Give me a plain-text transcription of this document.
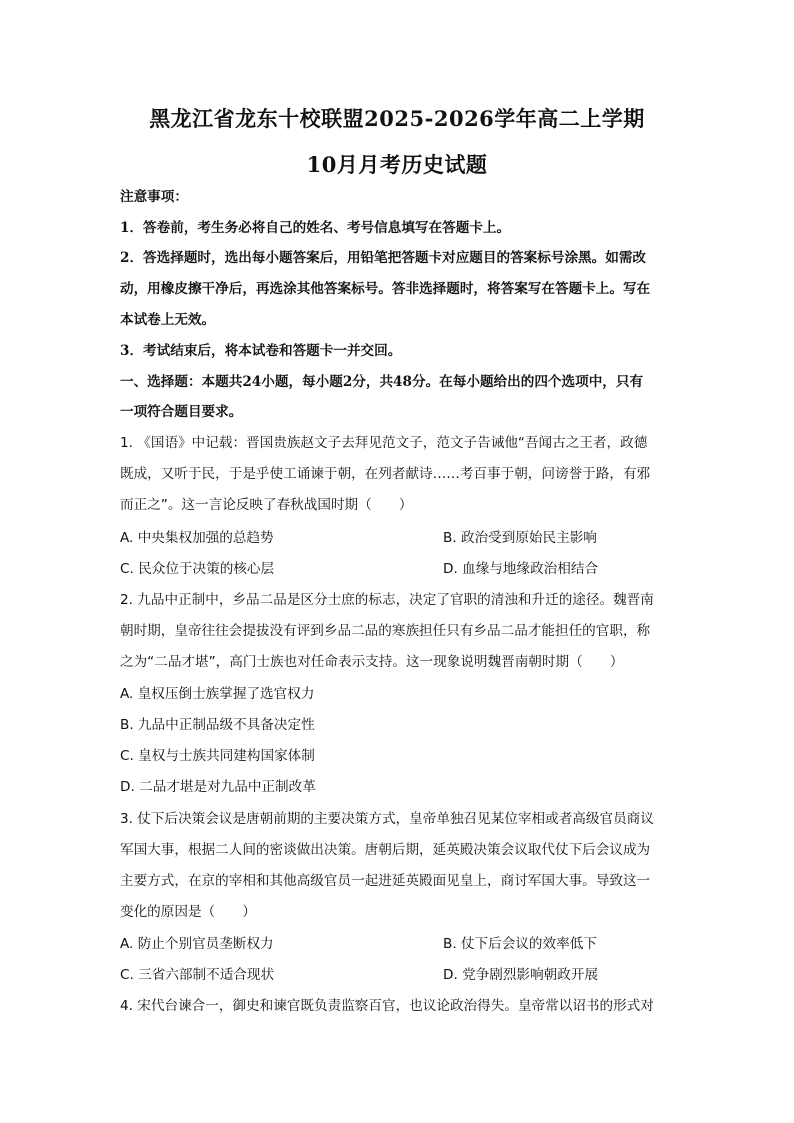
黑龙江省龙东十校联盟2025-2026学年高二上学期
10月月考历史试题
注意事项：
1．答卷前，考生务必将自己的姓名、考号信息填写在答题卡上。
2．答选择题时，选出每小题答案后，用铅笔把答题卡对应题目的答案标号涂黑。如需改
动，用橡皮擦干净后，再选涂其他答案标号。答非选择题时，将答案写在答题卡上。写在
本试卷上无效。
3．考试结束后，将本试卷和答题卡一并交回。
一、选择题：本题共24小题，每小题2分，共48分。在每小题给出的四个选项中，只有
一项符合题目要求。
1. 《国语》中记载：晋国贵族赵文子去拜见范文子，范文子告诫他“吾闻古之王者，政德
既成，又听于民，于是乎使工诵谏于朝，在列者献诗……考百事于朝，问谤誉于路，有邪
而正之”。这一言论反映了春秋战国时期（　　）
A. 中央集权加强的总趋势	B. 政治受到原始民主影响
C. 民众位于决策的核心层	D. 血缘与地缘政治相结合
2. 九品中正制中，乡品二品是区分士庶的标志，决定了官职的清浊和升迁的途径。魏晋南
朝时期，皇帝往往会提拔没有评到乡品二品的寒族担任只有乡品二品才能担任的官职，称
之为“二品才堪”，高门士族也对任命表示支持。这一现象说明魏晋南朝时期（　　）
A. 皇权压倒士族掌握了选官权力
B. 九品中正制品级不具备决定性
C. 皇权与士族共同建构国家体制
D. 二品才堪是对九品中正制改革
3. 仗下后决策会议是唐朝前期的主要决策方式，皇帝单独召见某位宰相或者高级官员商议
军国大事，根据二人间的密谈做出决策。唐朝后期，延英殿决策会议取代仗下后会议成为
主要方式，在京的宰相和其他高级官员一起进延英殿面见皇上，商讨军国大事。导致这一
变化的原因是（　　）
A. 防止个别官员垄断权力	B. 仗下后会议的效率低下
C. 三省六部制不适合现状	D. 党争剧烈影响朝政开展
4. 宋代台谏合一，御史和谏官既负责监察百官，也议论政治得失。皇帝常以诏书的形式对
